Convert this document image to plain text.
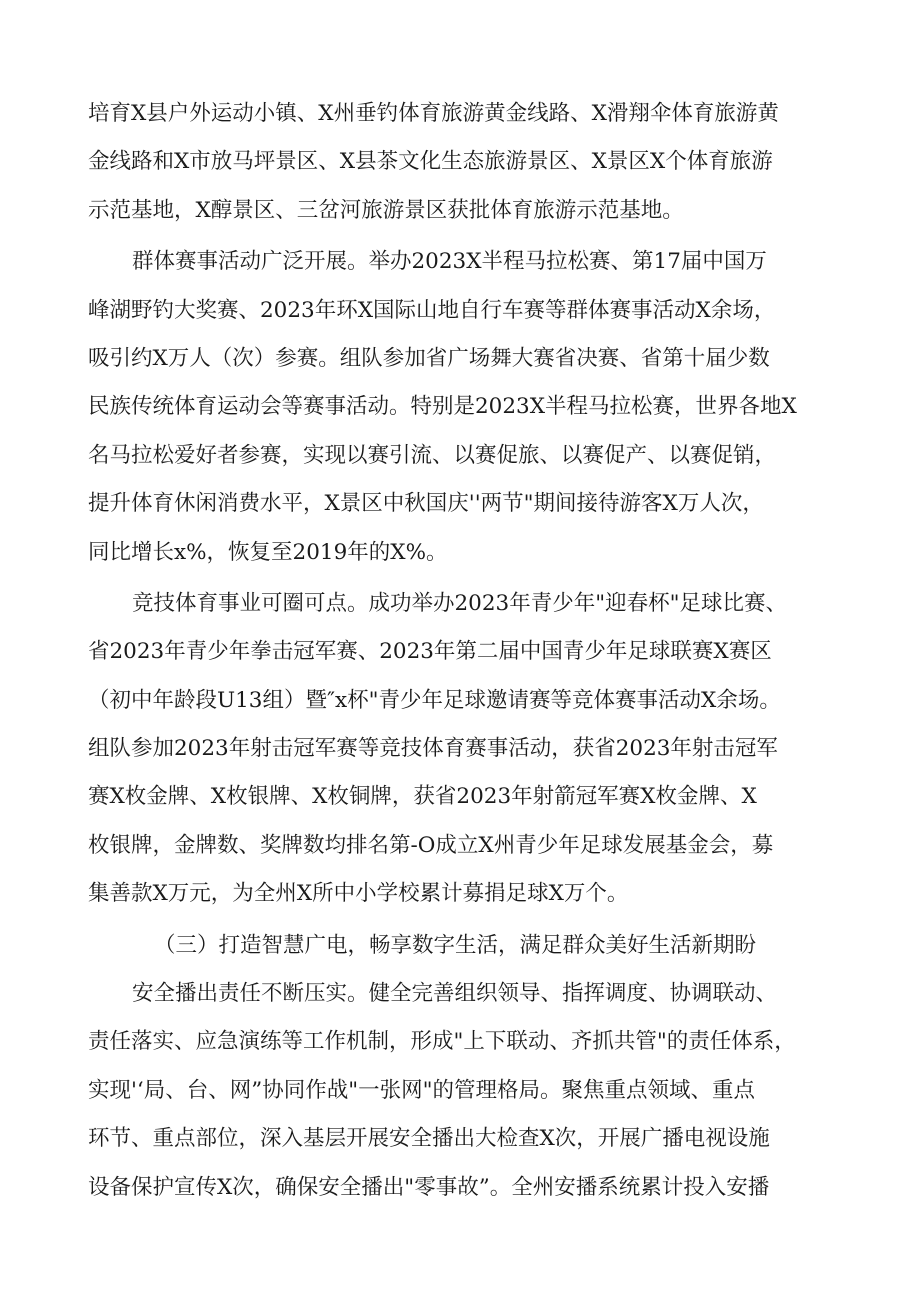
培育X县户外运动小镇、X州垂钓体育旅游黄金线路、X滑翔伞体育旅游黄
金线路和X市放马坪景区、X县茶文化生态旅游景区、X景区X个体育旅游
示范基地，X醇景区、三岔河旅游景区获批体育旅游示范基地。
群体赛事活动广泛开展。举办2023X半程马拉松赛、第17届中国万
峰湖野钓大奖赛、2023年环X国际山地自行车赛等群体赛事活动X余场，
吸引约X万人（次）参赛。组队参加省广场舞大赛省决赛、省第十届少数
民族传统体育运动会等赛事活动。特别是2023X半程马拉松赛，世界各地X
名马拉松爱好者参赛，实现以赛引流、以赛促旅、以赛促产、以赛促销，
提升体育休闲消费水平，X景区中秋国庆''两节"期间接待游客X万人次，
同比增长x%，恢复至2019年的X%。
竞技体育事业可圈可点。成功举办2023年青少年"迎春杯"足球比赛、
省2023年青少年拳击冠军赛、2023年第二届中国青少年足球联赛X赛区
（初中年龄段U13组）暨″x杯"青少年足球邀请赛等竞体赛事活动X余场。
组队参加2023年射击冠军赛等竞技体育赛事活动，获省2023年射击冠军
赛X枚金牌、X枚银牌、X枚铜牌，获省2023年射箭冠军赛X枚金牌、X
枚银牌，金牌数、奖牌数均排名第-O成立X州青少年足球发展基金会，募
集善款X万元，为全州X所中小学校累计募捐足球X万个。
（三）打造智慧广电，畅享数字生活，满足群众美好生活新期盼
安全播出责任不断压实。健全完善组织领导、指挥调度、协调联动、
责任落实、应急演练等工作机制，形成"上下联动、齐抓共管"的责任体系，
实现'‘局、台、网”协同作战"一张网"的管理格局。聚焦重点领域、重点
环节、重点部位，深入基层开展安全播出大检查X次，开展广播电视设施
设备保护宣传X次，确保安全播出"零事故”。全州安播系统累计投入安播
